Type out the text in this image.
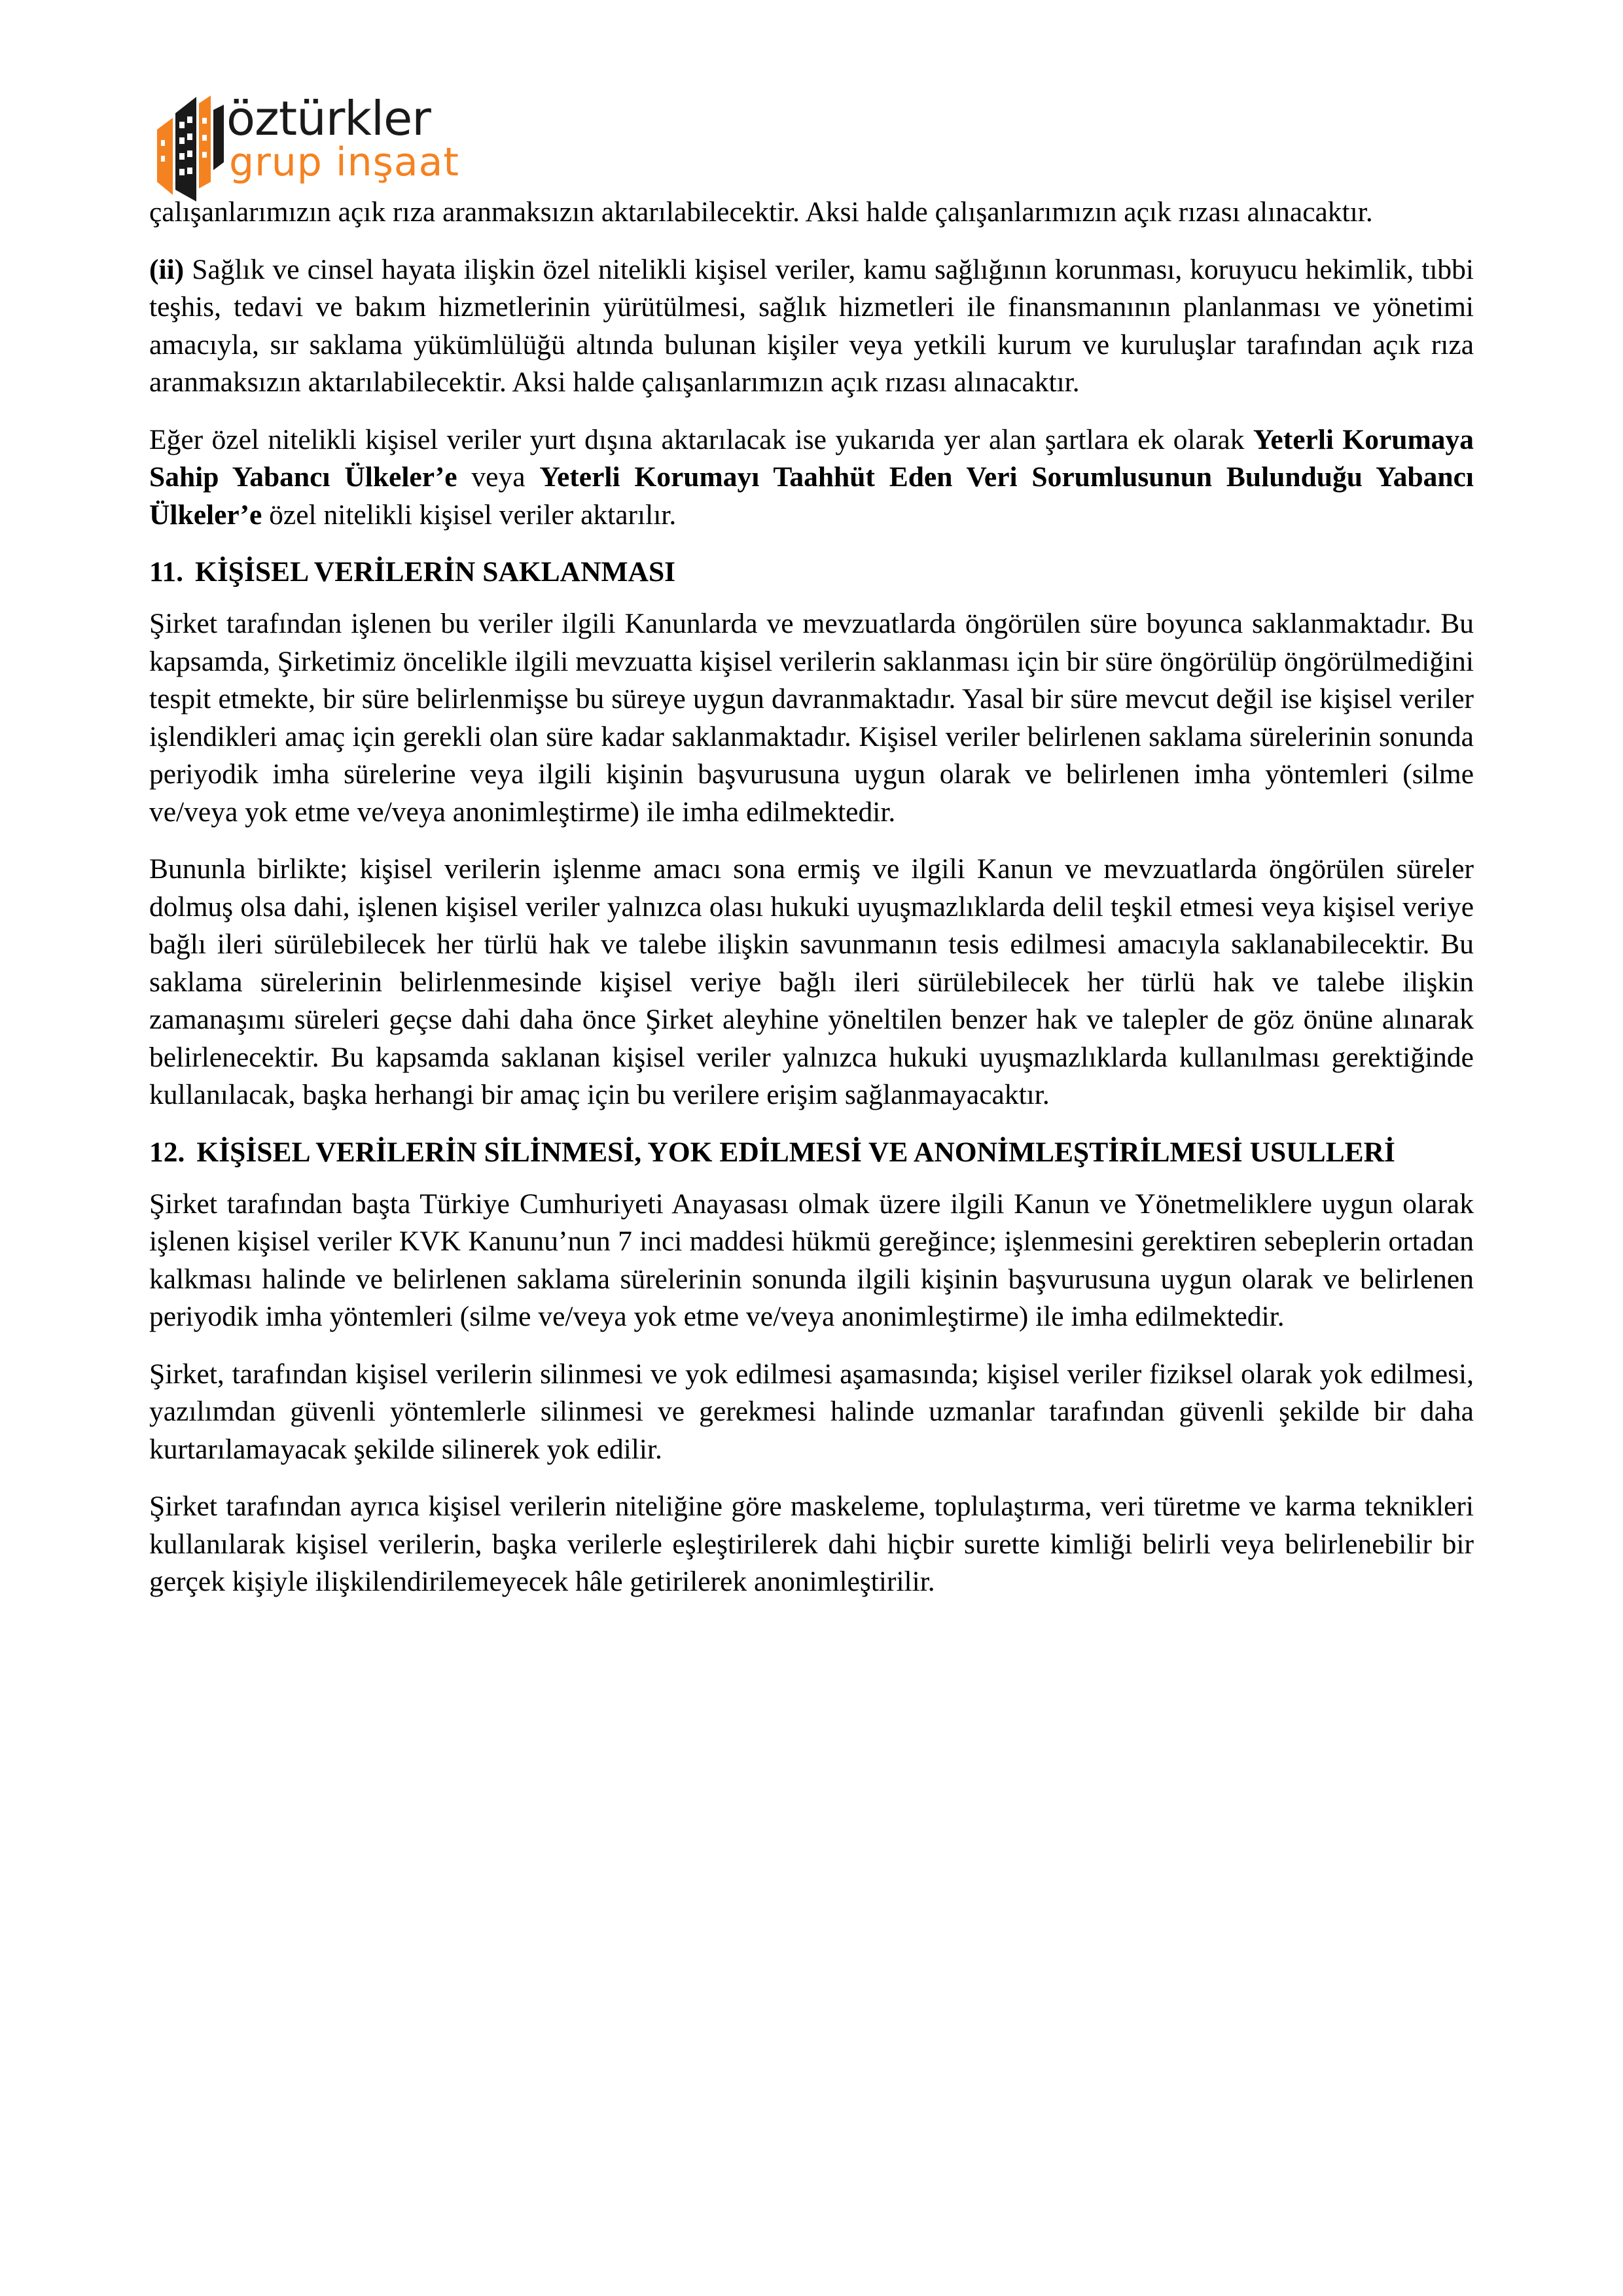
öztürkler
grup inşaat

çalışanlarımızın açık rıza aranmaksızın aktarılabilecektir. Aksi halde çalışanlarımızın açık rızası alınacaktır.

(ii) Sağlık ve cinsel hayata ilişkin özel nitelikli kişisel veriler, kamu sağlığının korunması, koruyucu hekimlik, tıbbi teşhis, tedavi ve bakım hizmetlerinin yürütülmesi, sağlık hizmetleri ile finansmanının planlanması ve yönetimi amacıyla, sır saklama yükümlülüğü altında bulunan kişiler veya yetkili kurum ve kuruluşlar tarafından açık rıza aranmaksızın aktarılabilecektir. Aksi halde çalışanlarımızın açık rızası alınacaktır.

Eğer özel nitelikli kişisel veriler yurt dışına aktarılacak ise yukarıda yer alan şartlara ek olarak Yeterli Korumaya Sahip Yabancı Ülkeler’e veya Yeterli Korumayı Taahhüt Eden Veri Sorumlusunun Bulunduğu Yabancı Ülkeler’e özel nitelikli kişisel veriler aktarılır.

11. KİŞİSEL VERİLERİN SAKLANMASI

Şirket tarafından işlenen bu veriler ilgili Kanunlarda ve mevzuatlarda öngörülen süre boyunca saklanmaktadır. Bu kapsamda, Şirketimiz öncelikle ilgili mevzuatta kişisel verilerin saklanması için bir süre öngörülüp öngörülmediğini tespit etmekte, bir süre belirlenmişse bu süreye uygun davranmaktadır. Yasal bir süre mevcut değil ise kişisel veriler işlendikleri amaç için gerekli olan süre kadar saklanmaktadır. Kişisel veriler belirlenen saklama sürelerinin sonunda periyodik imha sürelerine veya ilgili kişinin başvurusuna uygun olarak ve belirlenen imha yöntemleri (silme ve/veya yok etme ve/veya anonimleştirme) ile imha edilmektedir.

Bununla birlikte; kişisel verilerin işlenme amacı sona ermiş ve ilgili Kanun ve mevzuatlarda öngörülen süreler dolmuş olsa dahi, işlenen kişisel veriler yalnızca olası hukuki uyuşmazlıklarda delil teşkil etmesi veya kişisel veriye bağlı ileri sürülebilecek her türlü hak ve talebe ilişkin savunmanın tesis edilmesi amacıyla saklanabilecektir. Bu saklama sürelerinin belirlenmesinde kişisel veriye bağlı ileri sürülebilecek her türlü hak ve talebe ilişkin zamanaşımı süreleri geçse dahi daha önce Şirket aleyhine yöneltilen benzer hak ve talepler de göz önüne alınarak belirlenecektir. Bu kapsamda saklanan kişisel veriler yalnızca hukuki uyuşmazlıklarda kullanılması gerektiğinde kullanılacak, başka herhangi bir amaç için bu verilere erişim sağlanmayacaktır.

12. KİŞİSEL VERİLERİN SİLİNMESİ, YOK EDİLMESİ VE ANONİMLEŞTİRİLMESİ USULLERİ

Şirket tarafından başta Türkiye Cumhuriyeti Anayasası olmak üzere ilgili Kanun ve Yönetmeliklere uygun olarak işlenen kişisel veriler KVK Kanunu’nun 7 inci maddesi hükmü gereğince; işlenmesini gerektiren sebeplerin ortadan kalkması halinde ve belirlenen saklama sürelerinin sonunda ilgili kişinin başvurusuna uygun olarak ve belirlenen periyodik imha yöntemleri (silme ve/veya yok etme ve/veya anonimleştirme) ile imha edilmektedir.

Şirket, tarafından kişisel verilerin silinmesi ve yok edilmesi aşamasında; kişisel veriler fiziksel olarak yok edilmesi, yazılımdan güvenli yöntemlerle silinmesi ve gerekmesi halinde uzmanlar tarafından güvenli şekilde bir daha kurtarılamayacak şekilde silinerek yok edilir.

Şirket tarafından ayrıca kişisel verilerin niteliğine göre maskeleme, toplulaştırma, veri türetme ve karma teknikleri kullanılarak kişisel verilerin, başka verilerle eşleştirilerek dahi hiçbir surette kimliği belirli veya belirlenebilir bir gerçek kişiyle ilişkilendirilemeyecek hâle getirilerek anonimleştirilir.
